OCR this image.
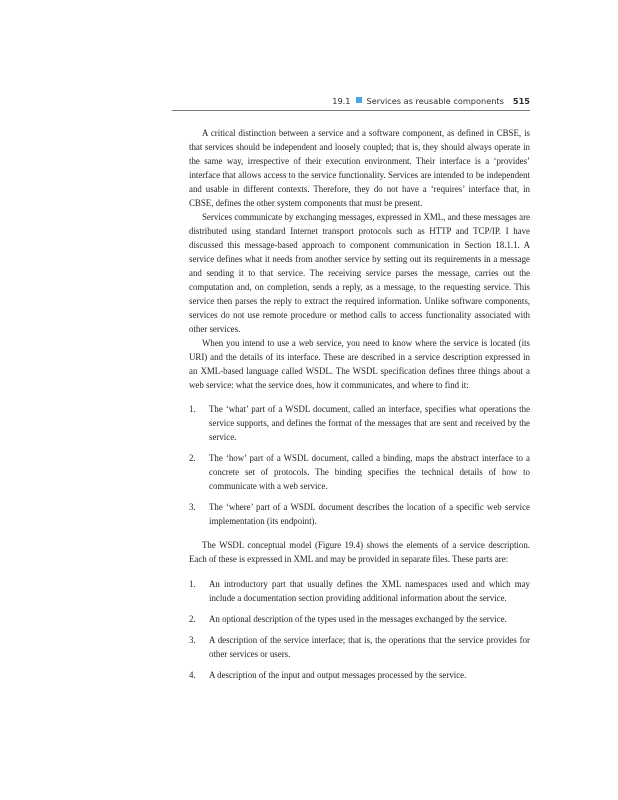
19.1 Services as reusable components 515

A critical distinction between a service and a software component, as defined in CBSE, is that services should be independent and loosely coupled; that is, they should always operate in the same way, irrespective of their execution environment. Their interface is a ‘provides’ interface that allows access to the service functionality. Services are intended to be independent and usable in different contexts. Therefore, they do not have a ‘requires’ interface that, in CBSE, defines the other system components that must be present.

Services communicate by exchanging messages, expressed in XML, and these messages are distributed using standard Internet transport protocols such as HTTP and TCP/IP. I have discussed this message-based approach to component communication in Section 18.1.1. A service defines what it needs from another service by setting out its requirements in a message and sending it to that service. The receiving service parses the message, carries out the computation and, on completion, sends a reply, as a message, to the requesting service. This service then parses the reply to extract the required information. Unlike software components, services do not use remote procedure or method calls to access functionality associated with other services.

When you intend to use a web service, you need to know where the service is located (its URI) and the details of its interface. These are described in a service description expressed in an XML-based language called WSDL. The WSDL specification defines three things about a web service: what the service does, how it communicates, and where to find it:

1. The ‘what’ part of a WSDL document, called an interface, specifies what operations the service supports, and defines the format of the messages that are sent and received by the service.
2. The ‘how’ part of a WSDL document, called a binding, maps the abstract interface to a concrete set of protocols. The binding specifies the technical details of how to communicate with a web service.
3. The ‘where’ part of a WSDL document describes the location of a specific web service implementation (its endpoint).

The WSDL conceptual model (Figure 19.4) shows the elements of a service description. Each of these is expressed in XML and may be provided in separate files. These parts are:

1. An introductory part that usually defines the XML namespaces used and which may include a documentation section providing additional information about the service.
2. An optional description of the types used in the messages exchanged by the service.
3. A description of the service interface; that is, the operations that the service provides for other services or users.
4. A description of the input and output messages processed by the service.
